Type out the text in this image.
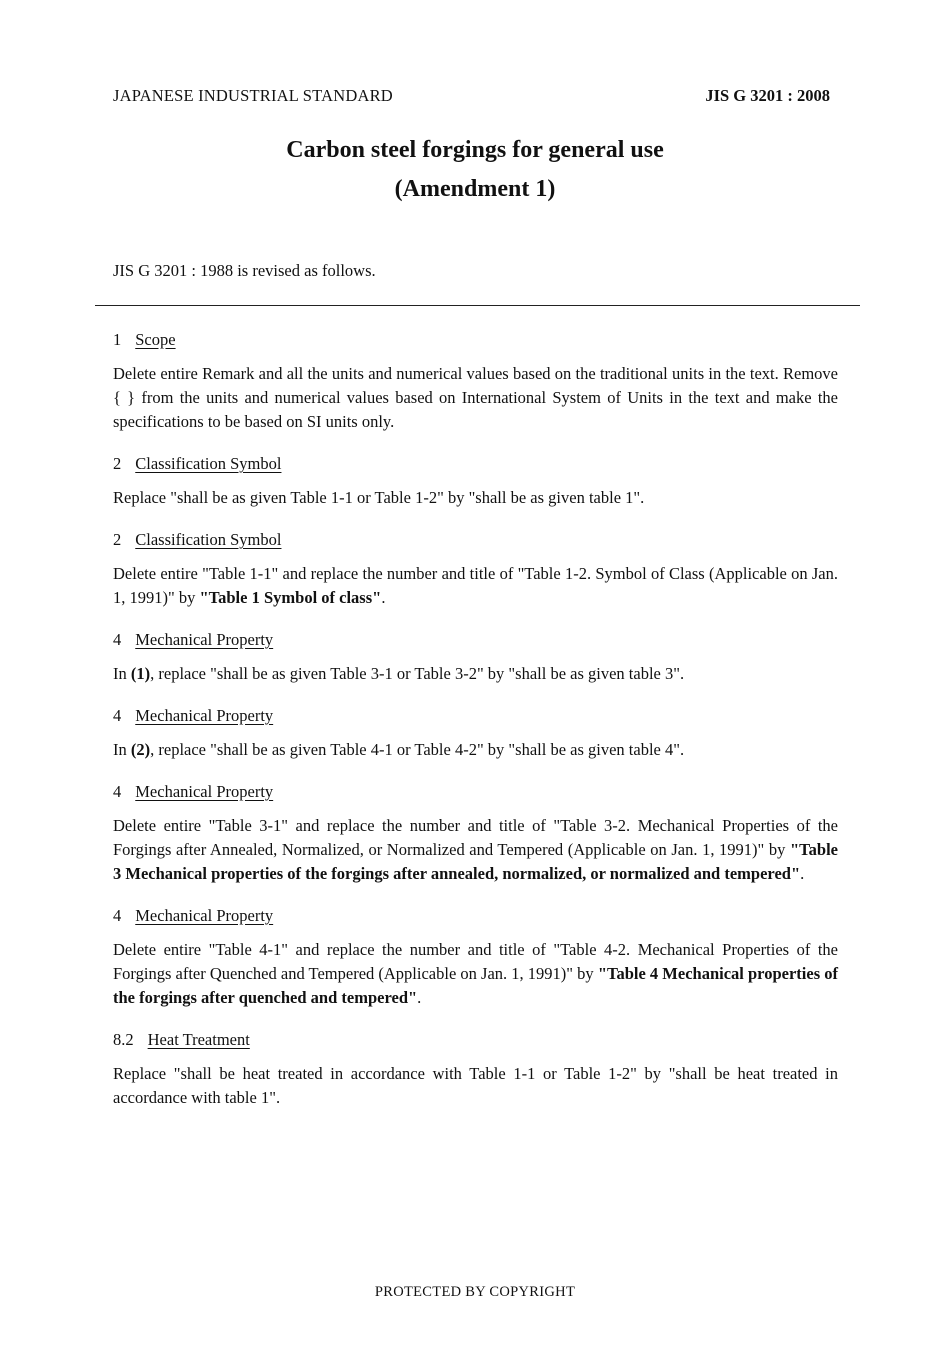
JAPANESE INDUSTRIAL STANDARD	JIS G 3201 : 2008
Carbon steel forgings for general use
(Amendment 1)
JIS G 3201 : 1988 is revised as follows.
1 Scope

Delete entire Remark and all the units and numerical values based on the traditional units in the text. Remove { } from the units and numerical values based on International System of Units in the text and make the specifications to be based on SI units only.

2 Classification Symbol

Replace "shall be as given Table 1-1 or Table 1-2" by "shall be as given table 1".

2 Classification Symbol

Delete entire "Table 1-1" and replace the number and title of "Table 1-2. Symbol of Class (Applicable on Jan. 1, 1991)" by "Table 1 Symbol of class".

4 Mechanical Property

In (1), replace "shall be as given Table 3-1 or Table 3-2" by "shall be as given table 3".

4 Mechanical Property

In (2), replace "shall be as given Table 4-1 or Table 4-2" by "shall be as given table 4".

4 Mechanical Property

Delete entire "Table 3-1" and replace the number and title of "Table 3-2. Mechanical Properties of the Forgings after Annealed, Normalized, or Normalized and Tempered (Applicable on Jan. 1, 1991)" by "Table 3 Mechanical properties of the forgings after annealed, normalized, or normalized and tempered".

4 Mechanical Property

Delete entire "Table 4-1" and replace the number and title of "Table 4-2. Mechanical Properties of the Forgings after Quenched and Tempered (Applicable on Jan. 1, 1991)" by "Table 4 Mechanical properties of the forgings after quenched and tempered".

8.2 Heat Treatment

Replace "shall be heat treated in accordance with Table 1-1 or Table 1-2" by "shall be heat treated in accordance with table 1".

PROTECTED BY COPYRIGHT
